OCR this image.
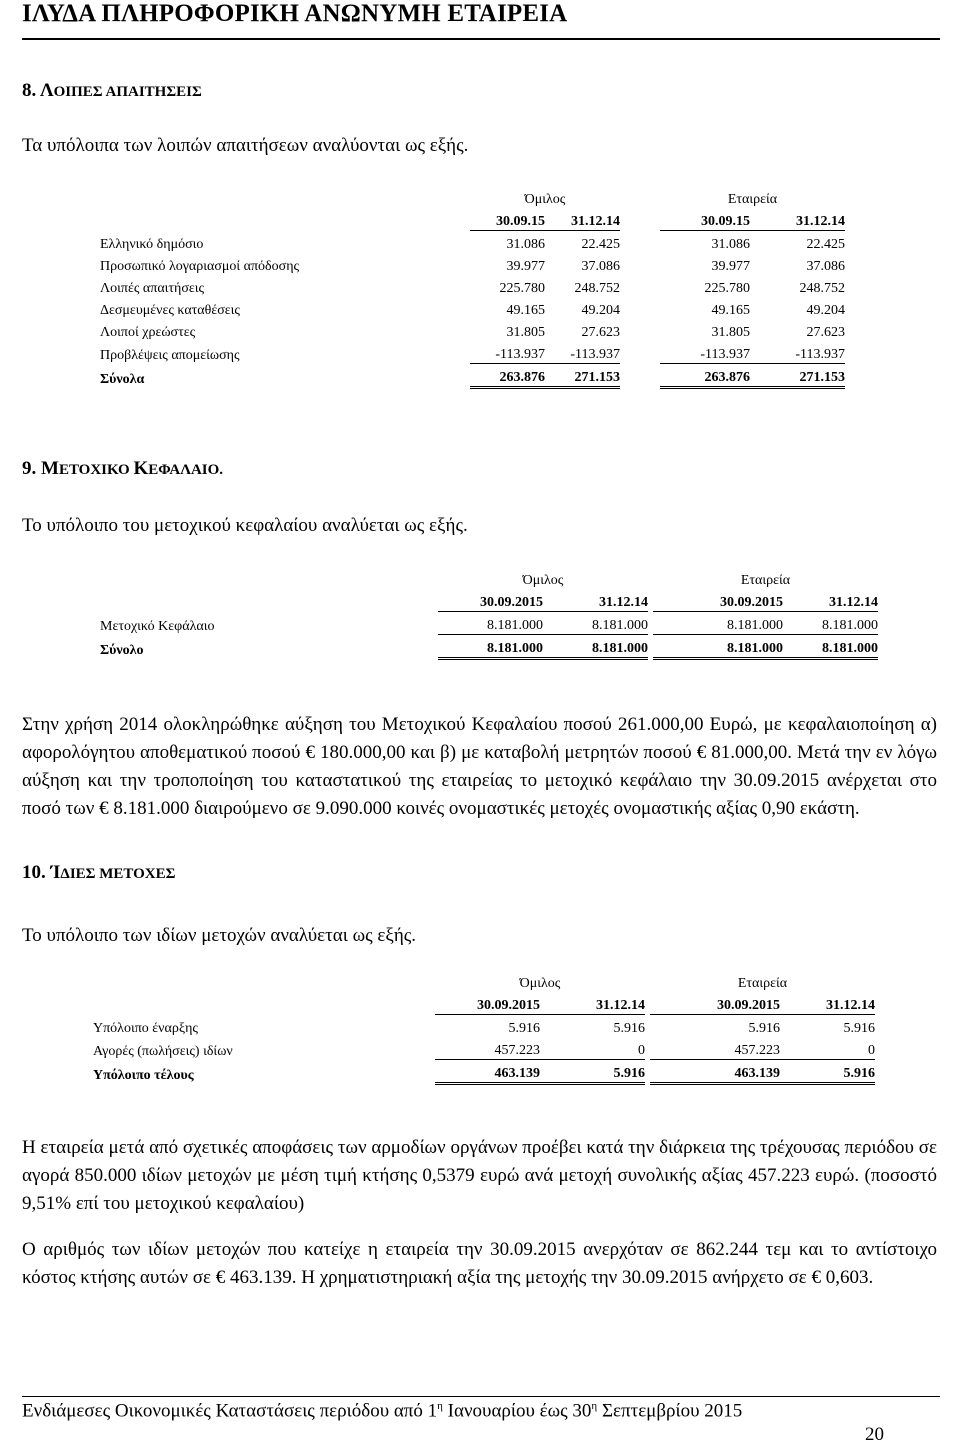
ΙΛΥΔΑ ΠΛΗΡΟΦΟΡΙΚΗ ΑΝΩΝΥΜΗ ΕΤΑΙΡΕΙΑ
8. ΛΟΙΠΕΣ ΑΠΑΙΤΗΣΕΙΣ
Τα υπόλοιπα των λοιπών απαιτήσεων αναλύονται ως εξής.
	Όμιλος			Εταιρεία	
	30.09.15	31.12.14		30.09.15	31.12.14
Ελληνικό δημόσιο	31.086	22.425		31.086	22.425
Προσωπικό λογαριασμοί απόδοσης	39.977	37.086		39.977	37.086
Λοιπές απαιτήσεις	225.780	248.752		225.780	248.752
Δεσμευμένες καταθέσεις	49.165	49.204		49.165	49.204
Λοιποί χρεώστες	31.805	27.623		31.805	27.623
Προβλέψεις απομείωσης	-113.937	-113.937		-113.937	-113.937
Σύνολα	263.876	271.153		263.876	271.153
9. ΜΕΤΟΧΙΚΟ ΚΕΦΑΛΑΙΟ.
Το υπόλοιπο του μετοχικού κεφαλαίου αναλύεται ως εξής.
	Όμιλος			Εταιρεία	
	30.09.2015	31.12.14		30.09.2015	31.12.14
Μετοχικό Κεφάλαιο	8.181.000	8.181.000		8.181.000	8.181.000
Σύνολο	8.181.000	8.181.000		8.181.000	8.181.000
Στην χρήση 2014 ολοκληρώθηκε αύξηση του Μετοχικού Κεφαλαίου ποσού 261.000,00 Ευρώ, με κεφαλαιοποίηση α) αφορολόγητου αποθεματικού ποσού € 180.000,00 και β) με καταβολή μετρητών ποσού € 81.000,00. Μετά την εν λόγω αύξηση και την τροποποίηση του καταστατικού της εταιρείας το μετοχικό κεφάλαιο την 30.09.2015 ανέρχεται στο ποσό των € 8.181.000 διαιρούμενο σε 9.090.000 κοινές ονομαστικές μετοχές ονομαστικής αξίας 0,90 εκάστη.
10. ΊΔΙΕΣ ΜΕΤΟΧΕΣ
Το υπόλοιπο των ιδίων μετοχών αναλύεται ως εξής.
	Όμιλος			Εταιρεία	
	30.09.2015	31.12.14		30.09.2015	31.12.14
Υπόλοιπο έναρξης	5.916	5.916		5.916	5.916
Αγορές (πωλήσεις) ιδίων	457.223	0		457.223	0
Υπόλοιπο τέλους	463.139	5.916		463.139	5.916
Η εταιρεία μετά από σχετικές αποφάσεις των αρμοδίων οργάνων προέβει κατά την διάρκεια της τρέχουσας περιόδου σε αγορά 850.000 ιδίων μετοχών με μέση τιμή κτήσης 0,5379 ευρώ ανά μετοχή συνολικής αξίας 457.223 ευρώ. (ποσοστό 9,51% επί του μετοχικού κεφαλαίου)
Ο αριθμός των ιδίων μετοχών που κατείχε η εταιρεία την 30.09.2015 ανερχόταν σε 862.244 τεμ και το αντίστοιχο κόστος κτήσης αυτών σε € 463.139. Η χρηματιστηριακή αξία της μετοχής την 30.09.2015 ανήρχετο σε € 0,603.
Ενδιάμεσες Οικονομικές Καταστάσεις περιόδου από $1^\eta$ Ιανουαρίου έως $30^\eta$ Σεπτεμβρίου 2015
20
